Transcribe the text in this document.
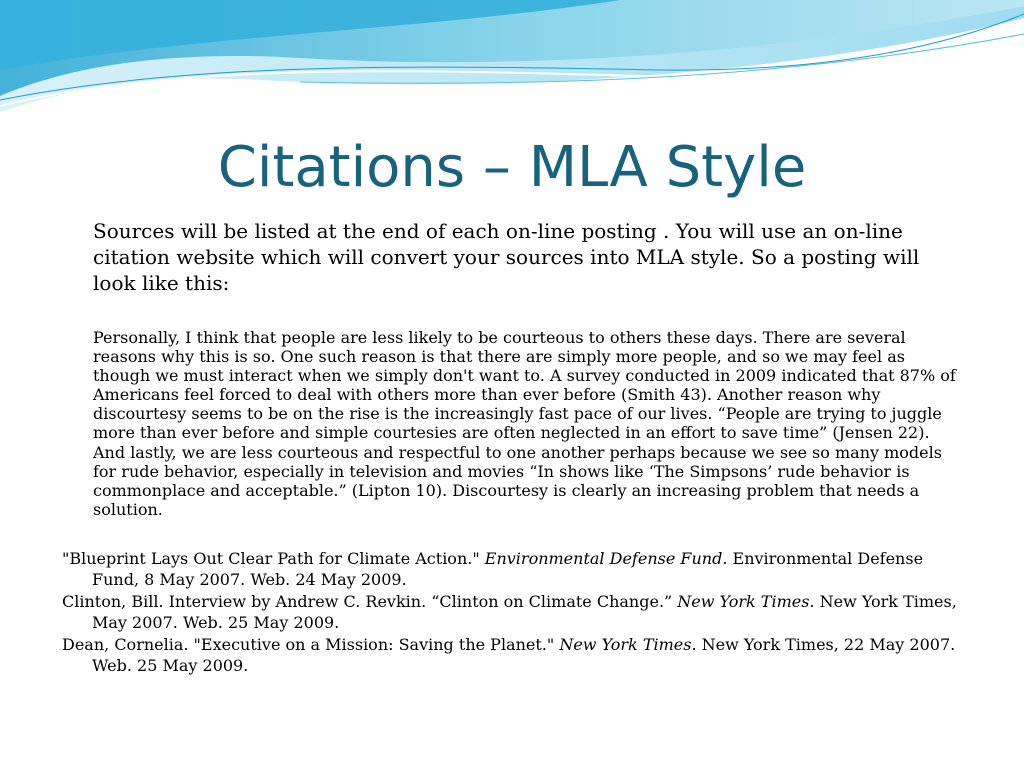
Citations – MLA Style
Sources will be listed at the end of each on-line posting . You will use an on-line citation website which will convert your sources into MLA style. So a posting will look like this:
Personally, I think that people are less likely to be courteous to others these days. There are several reasons why this is so. One such reason is that there are simply more people, and so we may feel as though we must interact when we simply don't want to. A survey conducted in 2009 indicated that 87% of Americans feel forced to deal with others more than ever before (Smith 43). Another reason why discourtesy seems to be on the rise is the increasingly fast pace of our lives. “People are trying to juggle more than ever before and simple courtesies are often neglected in an effort to save time” (Jensen 22). And lastly, we are less courteous and respectful to one another perhaps because we see so many models for rude behavior, especially in television and movies “In shows like ‘The Simpsons’ rude behavior is commonplace and acceptable.” (Lipton 10). Discourtesy is clearly an increasing problem that needs a solution.

"Blueprint Lays Out Clear Path for Climate Action." Environmental Defense Fund. Environmental Defense Fund, 8 May 2007. Web. 24 May 2009.

Clinton, Bill. Interview by Andrew C. Revkin. “Clinton on Climate Change.” New York Times. New York Times, May 2007. Web. 25 May 2009.

Dean, Cornelia. "Executive on a Mission: Saving the Planet." New York Times. New York Times, 22 May 2007. Web. 25 May 2009.
